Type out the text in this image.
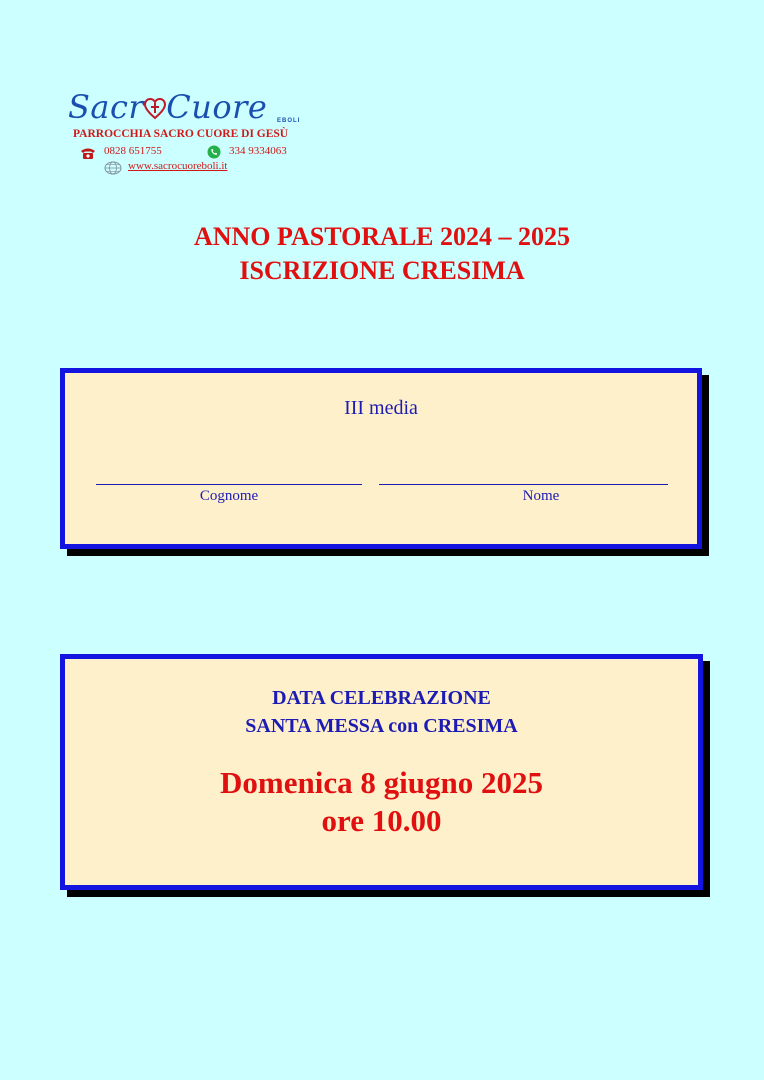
Sacr Cuore EBOLI
PARROCCHIA SACRO CUORE DI GESÙ
0828 651755	334 9334063
www.sacrocuoreboli.it
ANNO PASTORALE 2024 – 2025
ISCRIZIONE CRESIMA
III media
Cognome	Nome
DATA CELEBRAZIONE
SANTA MESSA con CRESIMA
Domenica 8 giugno 2025
ore 10.00
